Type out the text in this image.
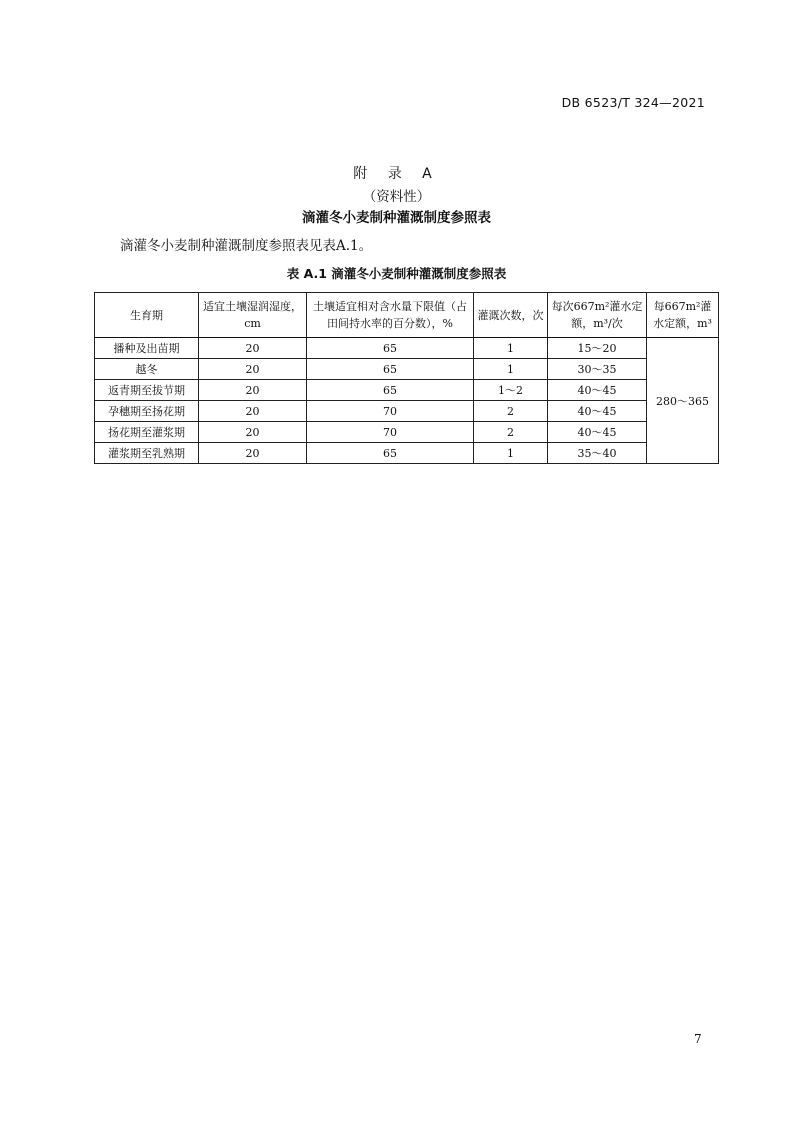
DB 6523/T 324—2021
附 录 A
（资料性）
滴灌冬小麦制种灌溉制度参照表
滴灌冬小麦制种灌溉制度参照表见表A.1。
表 A.1 滴灌冬小麦制种灌溉制度参照表
生育期	适宜土壤湿润湿度，cm	土壤适宜相对含水量下限值（占田间持水率的百分数），%	灌溉次数，次	每次667m²灌水定额，m³/次	每667m²灌水定额，m³
播种及出苗期	20	65	1	15～20	280～365
越冬	20	65	1	30～35	
返青期至拔节期	20	65	1～2	40～45	
孕穗期至扬花期	20	70	2	40～45	
扬花期至灌浆期	20	70	2	40～45	
灌浆期至乳熟期	20	65	1	35～40	
7
